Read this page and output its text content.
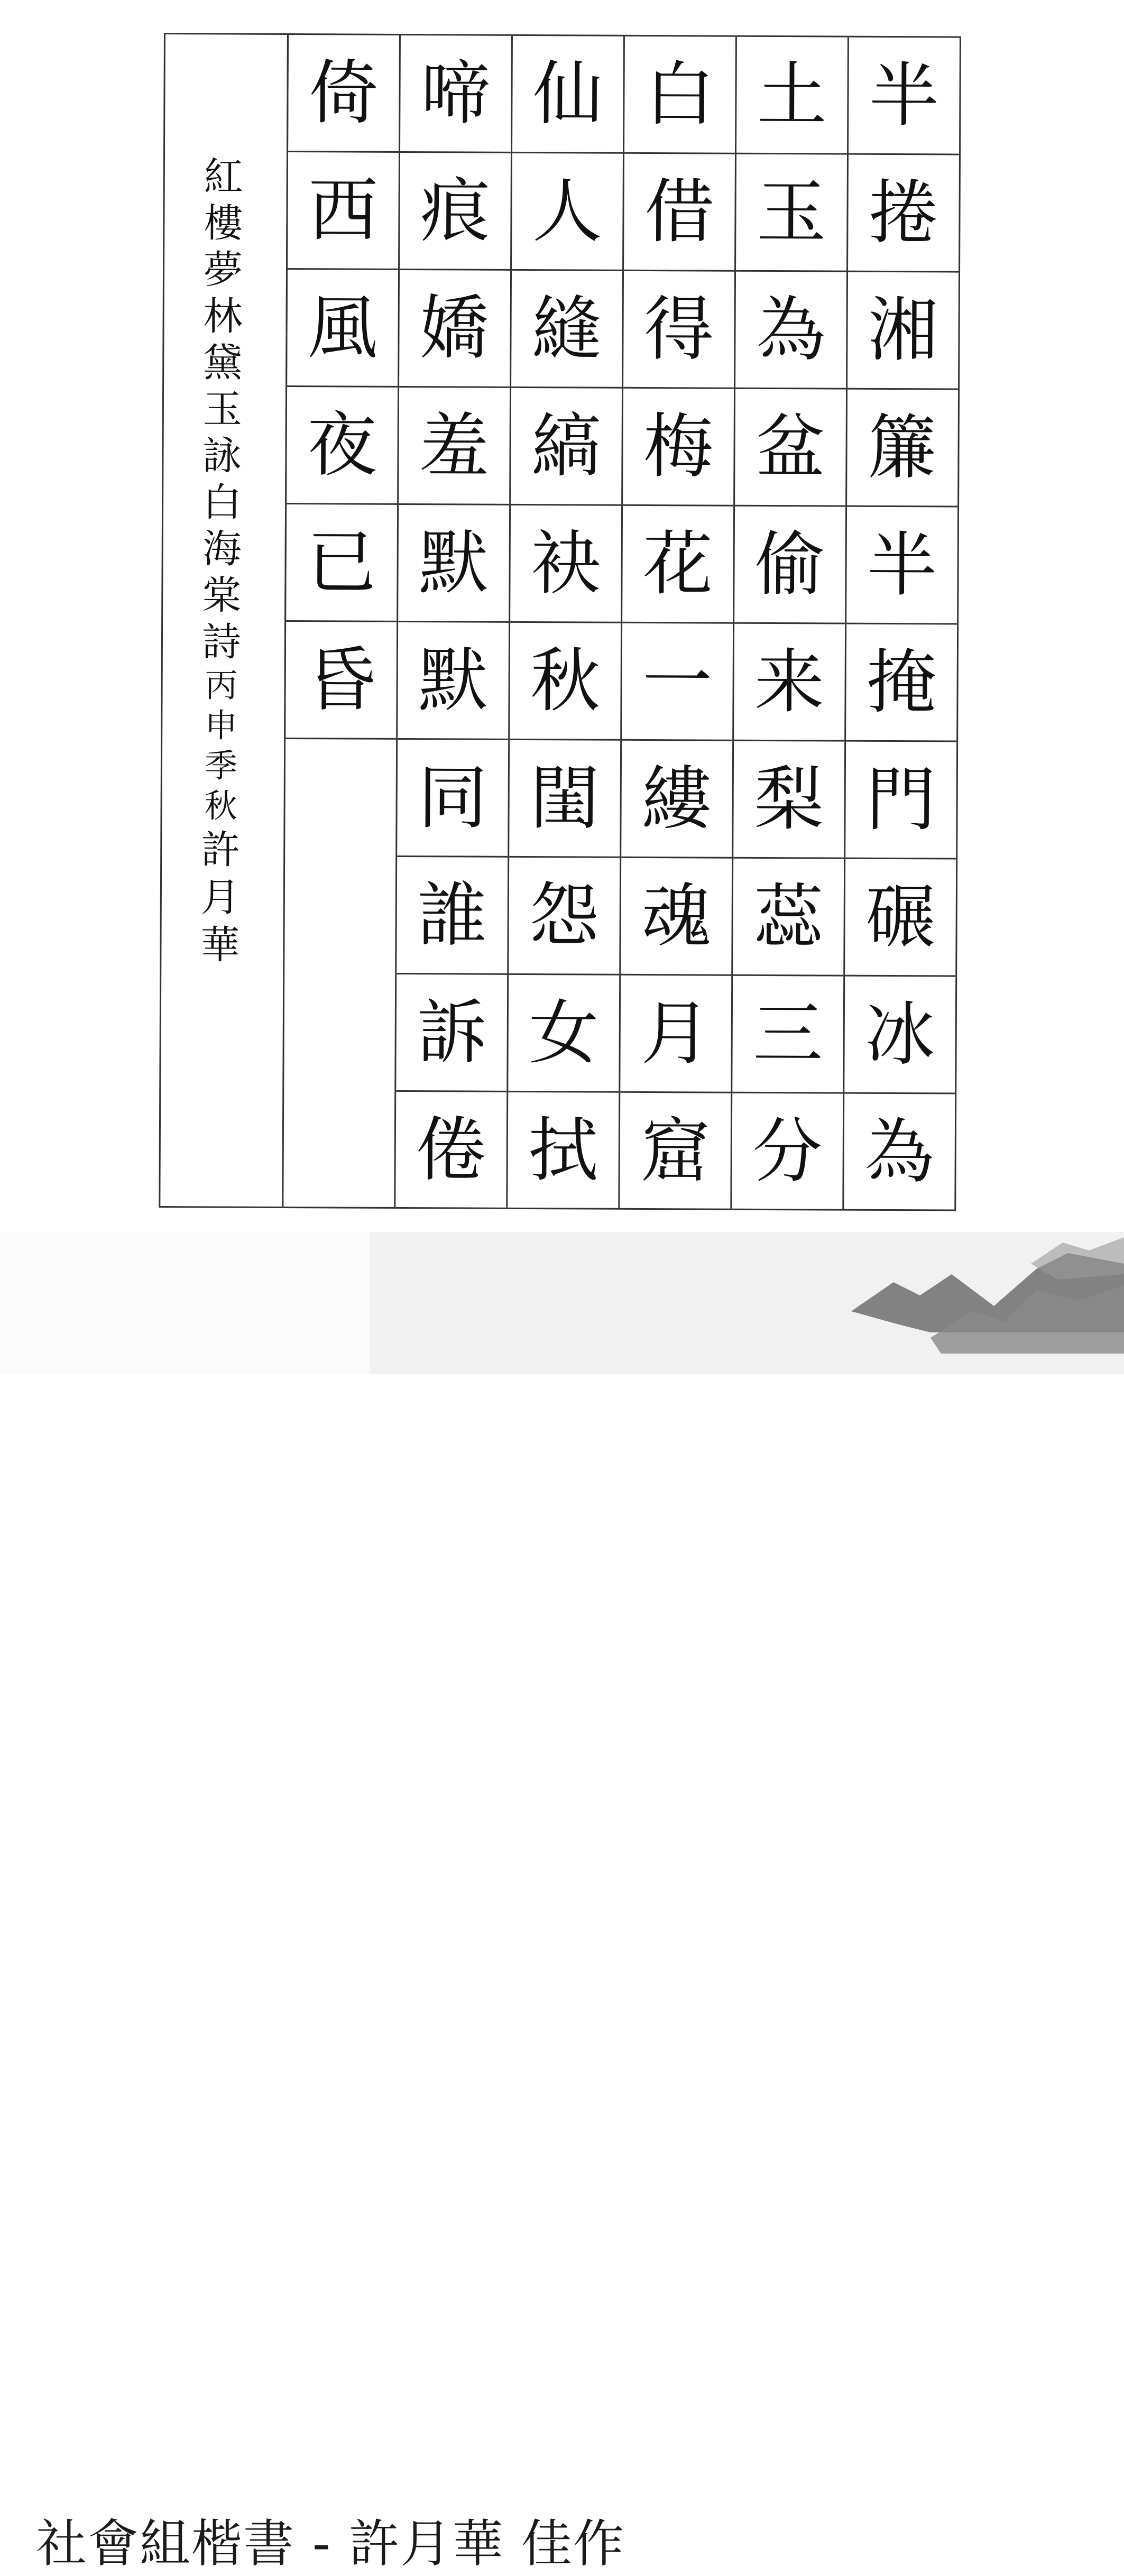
紅
樓
夢
林
黛
玉
詠
白
海
棠
詩
丙
申
季
秋
許
月
華
半
捲
湘
簾
半
掩
門
碾
冰
為
土
玉
為
盆
偷
来
梨
蕊
三
分
白
借
得
梅
花
一
縷
魂
月
窟
仙
人
縫
縞
袂
秋
閨
怨
女
拭
啼
痕
嬌
羞
默
默
同
誰
訴
倦
倚
西
風
夜
已
昏
社會組楷書 - 許月華 佳作
